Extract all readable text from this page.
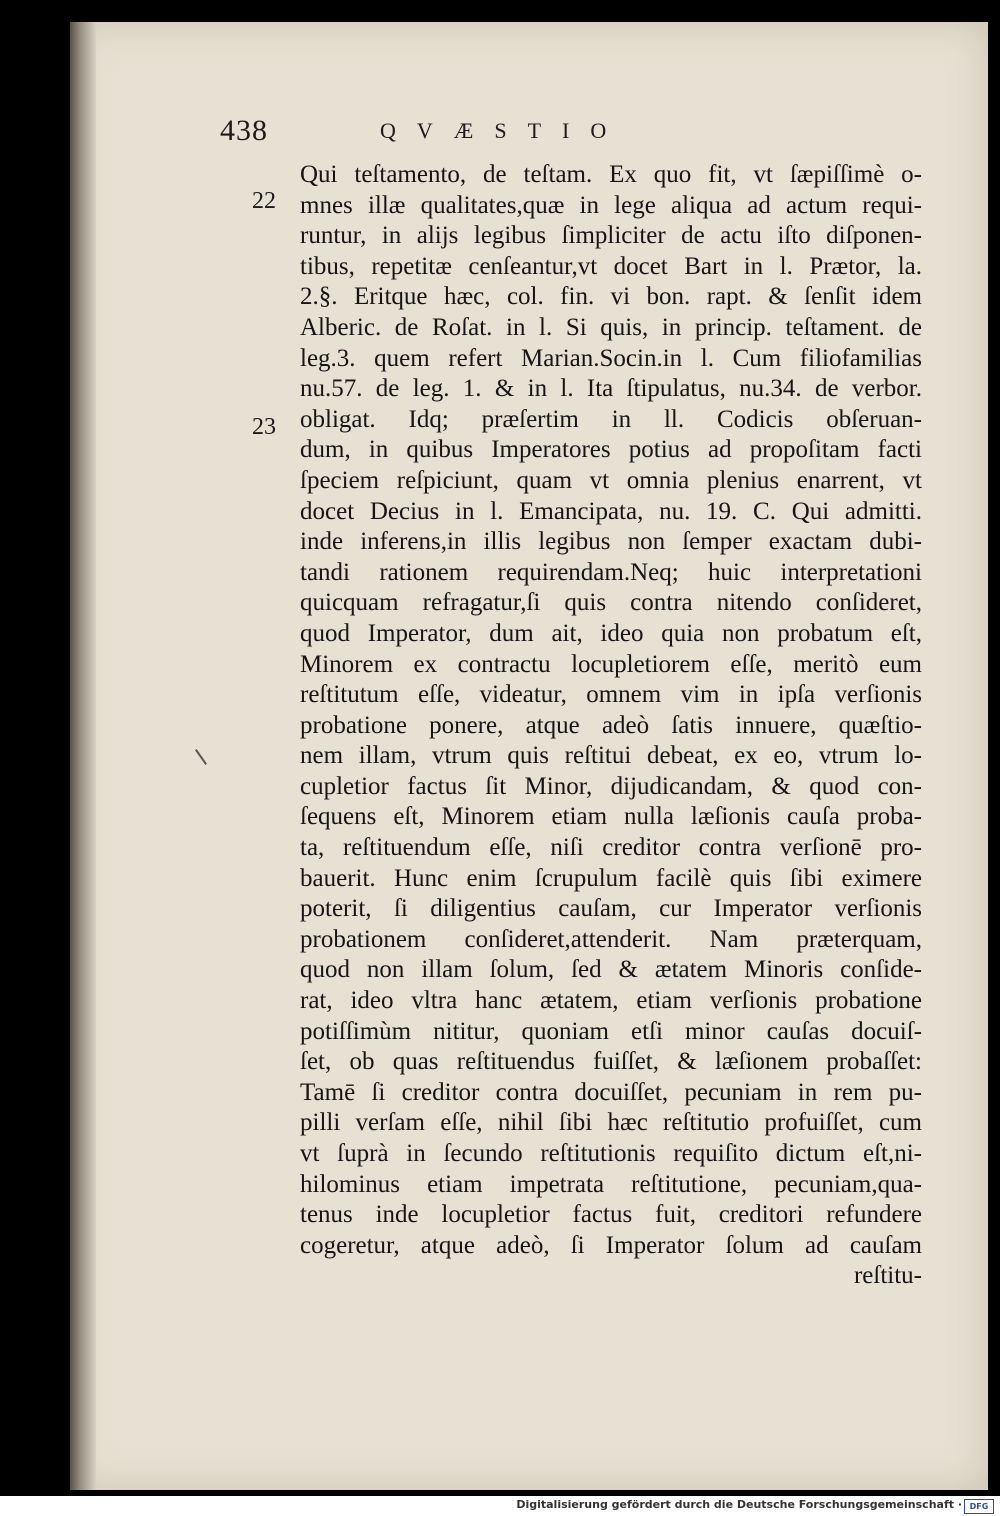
438	QVÆSTIO
22
23
Qui teſtamento, de teſtam. Ex quo fit, vt ſæpiſſimè o-
mnes illæ qualitates,quæ in lege aliqua ad actum requi-
runtur, in alijs legibus ſimpliciter de actu iſto diſponen-
tibus, repetitæ cenſeantur,vt docet Bart in l. Prætor, la.
2.§. Eritque hæc, col. fin. vi bon. rapt. & ſenſit idem
Alberic. de Roſat. in l. Si quis, in princip. teſtament. de
leg.3. quem refert Marian.Socin.in l. Cum filiofamilias
nu.57. de leg. 1. & in l. Ita ſtipulatus, nu.34. de verbor.
obligat. Idq; præſertim in ll. Codicis obſeruan-
dum, in quibus Imperatores potius ad propoſitam facti
ſpeciem reſpiciunt, quam vt omnia plenius enarrent, vt
docet Decius in l. Emancipata, nu. 19. C. Qui admitti.
inde inferens,in illis legibus non ſemper exactam dubi-
tandi rationem requirendam.Neq; huic interpretationi
quicquam refragatur,ſi quis contra nitendo conſideret,
quod Imperator, dum ait, ideo quia non probatum eſt,
Minorem ex contractu locupletiorem eſſe, meritò eum
reſtitutum eſſe, videatur, omnem vim in ipſa verſionis
probatione ponere, atque adeò ſatis innuere, quæſtio-
nem illam, vtrum quis reſtitui debeat, ex eo, vtrum lo-
cupletior factus ſit Minor, dijudicandam, & quod con-
ſequens eſt, Minorem etiam nulla læſionis cauſa proba-
ta, reſtituendum eſſe, niſi creditor contra verſionē pro-
bauerit. Hunc enim ſcrupulum facilè quis ſibi eximere
poterit, ſi diligentius cauſam, cur Imperator verſionis
probationem conſideret,attenderit. Nam præterquam,
quod non illam ſolum, ſed & ætatem Minoris conſide-
rat, ideo vltra hanc ætatem, etiam verſionis probatione
potiſſimùm nititur, quoniam etſi minor cauſas docuiſ-
ſet, ob quas reſtituendus fuiſſet, & læſionem probaſſet:
Tamē ſi creditor contra docuiſſet, pecuniam in rem pu-
pilli verſam eſſe, nihil ſibi hæc reſtitutio profuiſſet, cum
vt ſuprà in ſecundo reſtitutionis requiſito dictum eſt,ni-
hilominus etiam impetrata reſtitutione, pecuniam,qua-
tenus inde locupletior factus fuit, creditori refundere
cogeretur, atque adeò, ſi Imperator ſolum ad cauſam
reſtitu-
Digitalisierung gefördert durch die Deutsche Forschungsgemeinschaft · DFG
